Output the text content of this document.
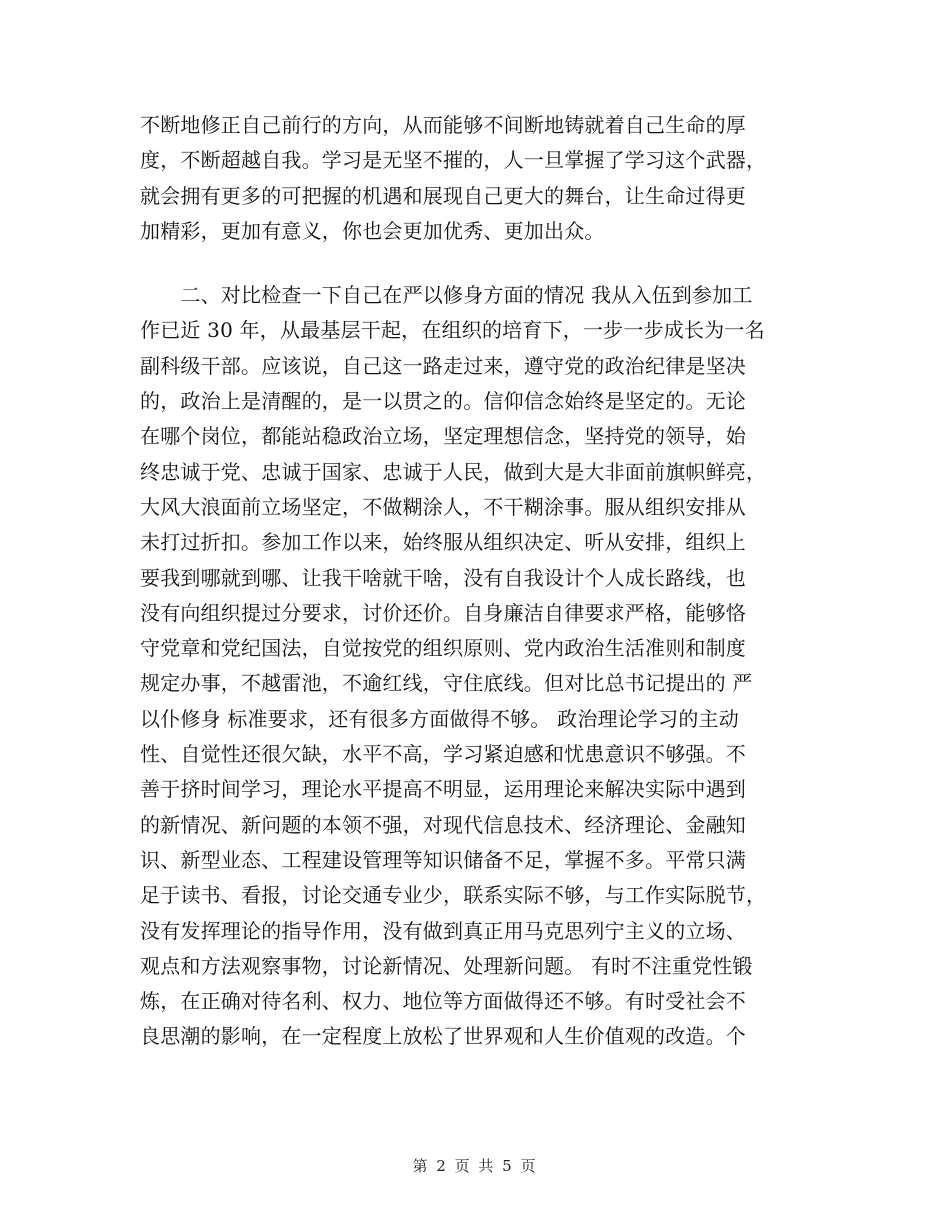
不断地修正自己前行的方向，从而能够不间断地铸就着自己生命的厚
度，不断超越自我。学习是无坚不摧的，人一旦掌握了学习这个武器，
就会拥有更多的可把握的机遇和展现自己更大的舞台，让生命过得更
加精彩，更加有意义，你也会更加优秀、更加出众。
　　二、对比检查一下自己在严以修身方面的情况 我从入伍到参加工
作已近 30 年，从最基层干起，在组织的培育下，一步一步成长为一名
副科级干部。应该说，自己这一路走过来，遵守党的政治纪律是坚决
的，政治上是清醒的，是一以贯之的。信仰信念始终是坚定的。无论
在哪个岗位，都能站稳政治立场，坚定理想信念，坚持党的领导，始
终忠诚于党、忠诚于国家、忠诚于人民，做到大是大非面前旗帜鲜亮，
大风大浪面前立场坚定，不做糊涂人，不干糊涂事。服从组织安排从
未打过折扣。参加工作以来，始终服从组织决定、听从安排，组织上
要我到哪就到哪、让我干啥就干啥，没有自我设计个人成长路线，也
没有向组织提过分要求，讨价还价。自身廉洁自律要求严格，能够恪
守党章和党纪国法，自觉按党的组织原则、党内政治生活准则和制度
规定办事，不越雷池，不逾红线，守住底线。但对比总书记提出的 严
以仆修身 标准要求，还有很多方面做得不够。 政治理论学习的主动
性、自觉性还很欠缺，水平不高，学习紧迫感和忧患意识不够强。不
善于挤时间学习，理论水平提高不明显，运用理论来解决实际中遇到
的新情况、新问题的本领不强，对现代信息技术、经济理论、金融知
识、新型业态、工程建设管理等知识储备不足，掌握不多。平常只满
足于读书、看报，讨论交通专业少，联系实际不够，与工作实际脱节，
没有发挥理论的指导作用，没有做到真正用马克思列宁主义的立场、
观点和方法观察事物，讨论新情况、处理新问题。 有时不注重党性锻
炼，在正确对待名利、权力、地位等方面做得还不够。有时受社会不
良思潮的影响，在一定程度上放松了世界观和人生价值观的改造。个
第 2 页 共 5 页
